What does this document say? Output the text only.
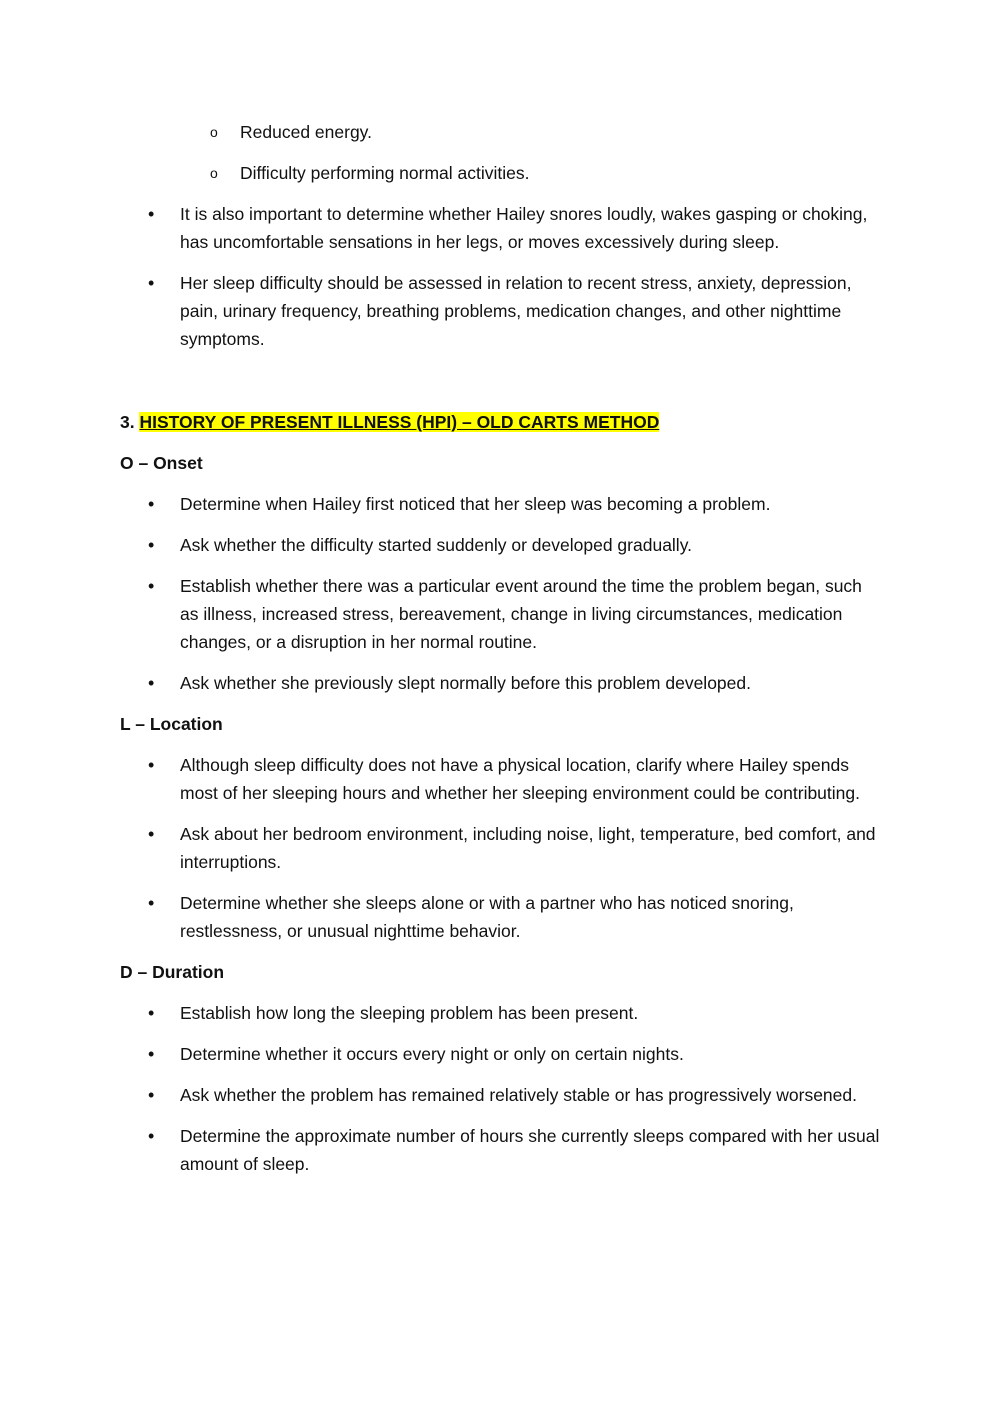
o Reduced energy.
o Difficulty performing normal activities.
• It is also important to determine whether Hailey snores loudly, wakes gasping or choking, has uncomfortable sensations in her legs, or moves excessively during sleep.
• Her sleep difficulty should be assessed in relation to recent stress, anxiety, depression, pain, urinary frequency, breathing problems, medication changes, and other nighttime symptoms.
3. HISTORY OF PRESENT ILLNESS (HPI) – OLD CARTS METHOD
O – Onset
• Determine when Hailey first noticed that her sleep was becoming a problem.
• Ask whether the difficulty started suddenly or developed gradually.
• Establish whether there was a particular event around the time the problem began, such as illness, increased stress, bereavement, change in living circumstances, medication changes, or a disruption in her normal routine.
• Ask whether she previously slept normally before this problem developed.
L – Location
• Although sleep difficulty does not have a physical location, clarify where Hailey spends most of her sleeping hours and whether her sleeping environment could be contributing.
• Ask about her bedroom environment, including noise, light, temperature, bed comfort, and interruptions.
• Determine whether she sleeps alone or with a partner who has noticed snoring, restlessness, or unusual nighttime behavior.
D – Duration
• Establish how long the sleeping problem has been present.
• Determine whether it occurs every night or only on certain nights.
• Ask whether the problem has remained relatively stable or has progressively worsened.
• Determine the approximate number of hours she currently sleeps compared with her usual amount of sleep.
